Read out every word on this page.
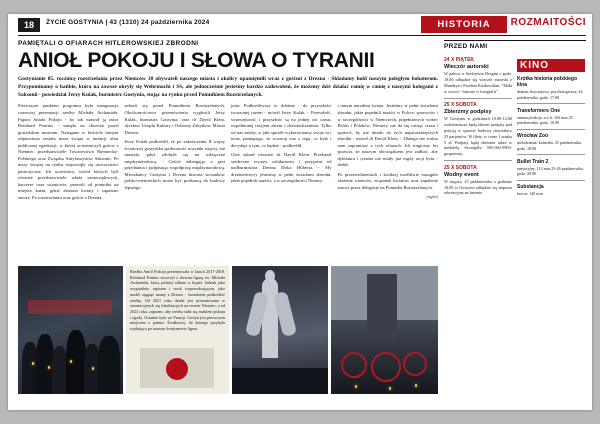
18	ŻYCIE GOSTYNIA | 43 (1310) 24 października 2024	HISTORIA	ROZMAITOŚCI
PAMIĘTALI O OFIARACH HITLEROWSKIEJ ZBRODNI
ANIOŁ POKOJU I SŁOWA O TYRANII
Gostynianie 85. rocznicę rozstrzelania przez Niemców 30 obywateli naszego miasta i okolicy upamiętnili wraz z gośćmi z Drezna - Składamy hołd naszym poległym bohaterom. Przypominamy o hańbie, która na zawsze okryły się Wehrmacht i SS, ale jednocześnie jesteśmy bardzo zadowoleni, że możemy dziś działać ramię w ramię z naszymi kolegami z Saksonii - powiedział Jerzy Kulak, burmistrz Gostynia, stojąc na rynku przed Pomnikiem Rozstrzelanych.

Pierwszym punktem programu była inauguracja czasowej prezentacji rzeźby Michała Archanioła. Figura Anioła Pokoju - bo tak nazwał ją autor Reinhard Pontius - stanęła na skwerze przed gostyńskim muzeum. Następnie w kościele farnym odprawiona została msza święta w intencji ofiar publicznej egzekucji, w której uczestniczyli goście z Niemiec: przedstawiciele Towarzystwa Niemiecko-Polskiego oraz Związku Antyfaszystów Saksonii. Po mszy świętej na rynku rozpoczęły się uroczystości patriotyczne. Ich uczestnicy, wśród których byli również przedstawiciele władz samorządowych, harcerze oraz uczniowie, przeszli od pomnika na miejsce kaźni, gdzie złożono kwiaty i zapalono znicze. Po rozstrzelaniu oraz goście z Drezna.

zebrali się przed Pomnikiem Rozstrzelanych. Okolicznościowe przemówienia wygłosili Jerzy Kulak, burmistrz Gostynia, oraz dr David Klein, dyrektor Urzędu Kultury i Ochrony Zabytków Miasta Drezna.

Jerzy Kulak podkreślił, że po zakończeniu II wojny światowej gostyńska społeczność uczyniła więcej, niż musiała, gdyż zdobyła się na wdzięczne międzynarodową. - Gościć zabiegając o gest pojednania i podpisując współpracę międzynarodową. Mieszkańcy Gostynia i Drezna historia stosunków polsko-niemieckich może być podstawą do budowy lepszego

jutra. Podkreśliwszy to dobitne - do przyszłości tworzonej razem - mówił Jerzy Kulak. - Przeszłość, wniesiejszość i przyszłość są na jednej osi czasu, wspólnionej trzyjem żarem i doświadczeniem. Tylko od nas zależy, w jaki sposób wykorzystamy swoje tu i teraz, pamiętając, że wczoraj ono z tego, co było i decyduje o tym, co będzie - podkreślił.

Głos zabrał również dr David Klein. Przekazał serdeczne wyrazy solidarności i przyjaźni od nadburmistrza Drezna Dirka Hilberta. - My dreźnieńczycy jesteśmy w pełni świadomi zbrodni, jakie popełnili naziści, a w szczególności Niemcy

i innym narodem świata. Jesteśmy w pełni świadomi zbrodni, jakie popełnili naziści w Polsce, sprawców i w szczególności w Niemczech, popełnionych wobec Polski i Polaków. Niestety, nie da się cofnąć czasu i sprawić, by nie doszło do tych najstraszniejszych zbrodni - mówił dr David Klein. - Dlatego nie wolno nam zapominać o tych ofiarach. Ich tragiczny los sprawia, że naszym obowiązkiem jest zadbać, aby dyktatura i tyrania nie miały już nigdy racji bytu - dodał.

Po przezwolnieniach i krótkiej modlitwie nastąpiło złożenie wieńców, wiązanek kwiatów oraz zapalenie zniczy przez delegacje na Pomniku Rozstrzelanych.

(aghe)

Rzeźba Anioł Pokoju prezentowała w latach 2017-2018. Reinhard Pontius stworzył z drewna figurę św. Michała Archanioła, którą później odlano w brązie. Jednak jako oryginalnie, zapisem i wosk wyprawdzającym, jako model sięgnąć mamy z Drezna - świadomie podkreślać rzeźbę. Od 2021 roku działa jest prezentowana w orientacyjnych się lokalizacjach na terenie Niemiec, a od 2023 roku, zapisem, aby rzeźba stała się znakiem pokoju i zgody. Ostatnio była we Francji. Gostyń jest pierwszym miejscem z państw Środkowej, do którego przybyła wędrująca po naszym kontynencie figura.

PRZED NAMI
24 X PIĄTEK
Wieczór autorski

W palecu w Szelejewie Drugim o godz. 18.00 odbędzie się wieczór autorski z Mandżyn i Pawłem Kozłowskim: "Mała w owoce - historie w fotografii".

25 X SOBOTA
Zbierzmy podpisy

W Gostyniu w godzinach 10.00-14.00 wolontariusze będą zbierać podpisy pod petycją w sprawie budowy obwodnicy 25 pacjentów. W filety, w cenie 1 sztuka 5 zł. Podpisy będą zbierane także w niedzielę. Szczegóły: 505-002-9903-gosprawny.

25 X SOBOTA
Wodny event

W zajęciu, 25 października o godzinie 10.00 w Gostyniu odbędzie się impreza rekreacyjna na basenie.

KINO
Krótka historia polskiego kina

dramat obyczajowy, psychologiczny, 24 października, godz. 17.00

Transformers One

animacja/akcja, sci-fi, 104 min 25 października, godz. 16.00

Wrocław Zoo

melodramat/ komedia, 25 października, godz. 18.00

Bullet Train 2

sensacyjny, 114 min 25-26 października, godz. 20.00

Substancja

horror, 140 min
